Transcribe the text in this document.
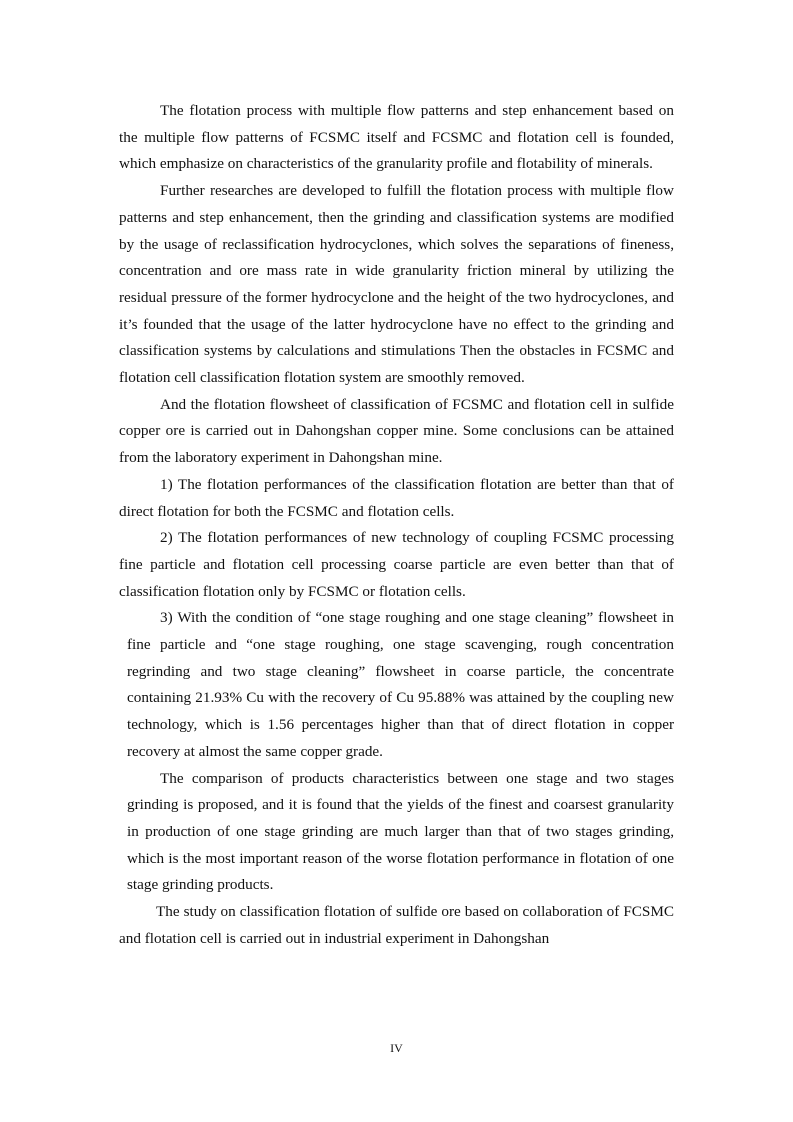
The flotation process with multiple flow patterns and step enhancement based on the multiple flow patterns of FCSMC itself and FCSMC and flotation cell is founded, which emphasize on characteristics of the granularity profile and flotability of minerals.

Further researches are developed to fulfill the flotation process with multiple flow patterns and step enhancement, then the grinding and classification systems are modified by the usage of reclassification hydrocyclones, which solves the separations of fineness, concentration and ore mass rate in wide granularity friction mineral by utilizing the residual pressure of the former hydrocyclone and the height of the two hydrocyclones, and it’s founded that the usage of the latter hydrocyclone have no effect to the grinding and classification systems by calculations and stimulations Then the obstacles in FCSMC and flotation cell classification flotation system are smoothly removed.

And the flotation flowsheet of classification of FCSMC and flotation cell in sulfide copper ore is carried out in Dahongshan copper mine. Some conclusions can be attained from the laboratory experiment in Dahongshan mine.

1) The flotation performances of the classification flotation are better than that of direct flotation for both the FCSMC and flotation cells.

2) The flotation performances of new technology of coupling FCSMC processing fine particle and flotation cell processing coarse particle are even better than that of classification flotation only by FCSMC or flotation cells.

3) With the condition of “one stage roughing and one stage cleaning” flowsheet in fine particle and “one stage roughing, one stage scavenging, rough concentration regrinding and two stage cleaning” flowsheet in coarse particle, the concentrate containing 21.93% Cu with the recovery of Cu 95.88% was attained by the coupling new technology, which is 1.56 percentages higher than that of direct flotation in copper recovery at almost the same copper grade.

The comparison of products characteristics between one stage and two stages grinding is proposed, and it is found that the yields of the finest and coarsest granularity in production of one stage grinding are much larger than that of two stages grinding, which is the most important reason of the worse flotation performance in flotation of one stage grinding products.

The study on classification flotation of sulfide ore based on collaboration of FCSMC and flotation cell is carried out in industrial experiment in Dahongshan

IV
